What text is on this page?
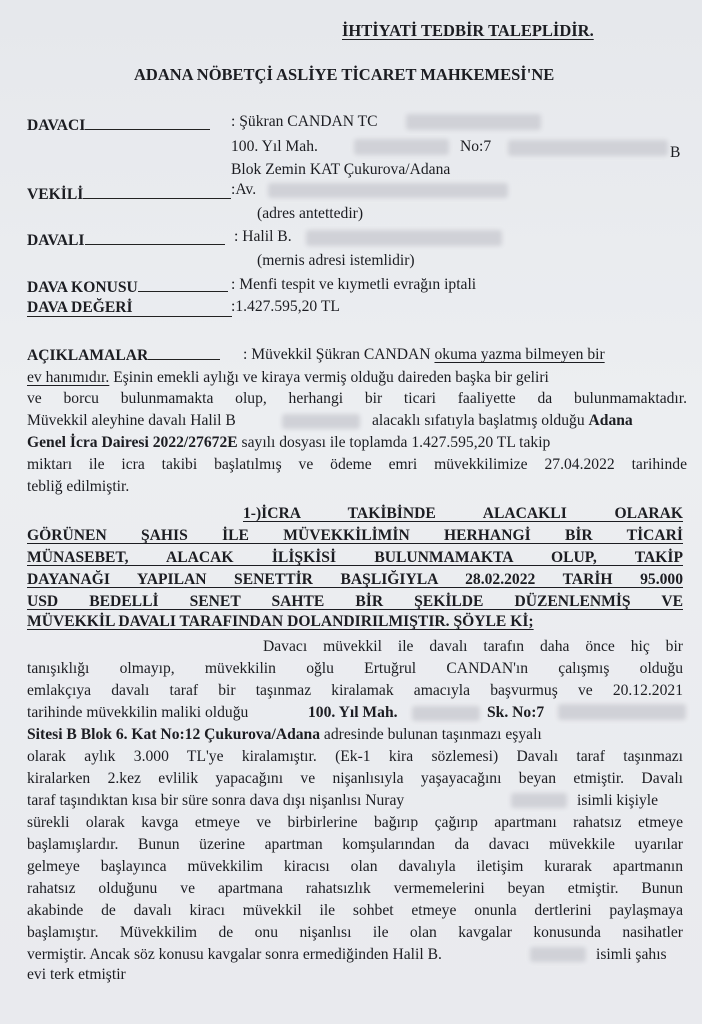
İHTİYATİ TEDBİR TALEPLİDİR.
ADANA NÖBETÇİ ASLİYE TİCARET MAHKEMESİ'NE
DAVACI	: Şükran CANDAN TC
100. Yıl Mah.	No:7	B
Blok Zemin KAT Çukurova/Adana
VEKİLİ	:Av.
(adres antettedir)
DAVALI	: Halil B.
(mernis adresi istemlidir)
DAVA KONUSU	: Menfi tespit ve kıymetli evrağın iptali
DAVA DEĞERİ	:1.427.595,20 TL
AÇIKLAMALAR	: Müvekkil Şükran CANDAN okuma yazma bilmeyen bir
ev hanımıdır. Eşinin emekli aylığı ve kiraya vermiş olduğu daireden başka bir geliri
ve borcu bulunmamakta olup, herhangi bir ticari faaliyette da bulunmamaktadır.
Müvekkil aleyhine davalı Halil B	alacaklı sıfatıyla başlatmış olduğu Adana
Genel İcra Dairesi 2022/27672E sayılı dosyası ile toplamda 1.427.595,20 TL takip
miktarı ile icra takibi başlatılmış ve ödeme emri müvekkilimize 27.04.2022 tarihinde
tebliğ edilmiştir.
1-)İCRA TAKİBİNDE ALACAKLI OLARAK
GÖRÜNEN ŞAHIS İLE MÜVEKKİLİMİN HERHANGİ BİR TİCARİ
MÜNASEBET, ALACAK İLİŞKİSİ BULUNMAMAKTA OLUP, TAKİP
DAYANAĞI YAPILAN SENETTİR BAŞLIĞIYLA 28.02.2022 TARİH 95.000
USD BEDELLİ SENET SAHTE BİR ŞEKİLDE DÜZENLENMİŞ VE
MÜVEKKİL DAVALI TARAFINDAN DOLANDIRILMIŞTIR. ŞÖYLE Kİ;
Davacı müvekkil ile davalı tarafın daha önce hiç bir
tanışıklığı olmayıp, müvekkilin oğlu Ertuğrul CANDAN'ın çalışmış olduğu
emlakçıya davalı taraf bir taşınmaz kiralamak amacıyla başvurmuş ve 20.12.2021
tarihinde müvekkilin maliki olduğu	100. Yıl Mah.	Sk. No:7
Sitesi B Blok 6. Kat No:12 Çukurova/Adana adresinde bulunan taşınmazı eşyalı
olarak aylık 3.000 TL'ye kiralamıştır. (Ek-1 kira sözlemesi) Davalı taraf taşınmazı
kiralarken 2.kez evlilik yapacağını ve nişanlısıyla yaşayacağını beyan etmiştir. Davalı
taraf taşındıktan kısa bir süre sonra dava dışı nişanlısı Nuray	isimli kişiyle
sürekli olarak kavga etmeye ve birbirlerine bağırıp çağırıp apartmanı rahatsız etmeye
başlamışlardır. Bunun üzerine apartman komşularından da davacı müvekkile uyarılar
gelmeye başlayınca müvekkilim kiracısı olan davalıyla iletişim kurarak apartmanın
rahatsız olduğunu ve apartmana rahatsızlık vermemelerini beyan etmiştir. Bunun
akabinde de davalı kiracı müvekkil ile sohbet etmeye onunla dertlerini paylaşmaya
başlamıştır. Müvekkilim de onu nişanlısı ile olan kavgalar konusunda nasihatler
vermiştir. Ancak söz konusu kavgalar sonra ermediğinden Halil B.	isimli şahıs
evi terk etmiştir
